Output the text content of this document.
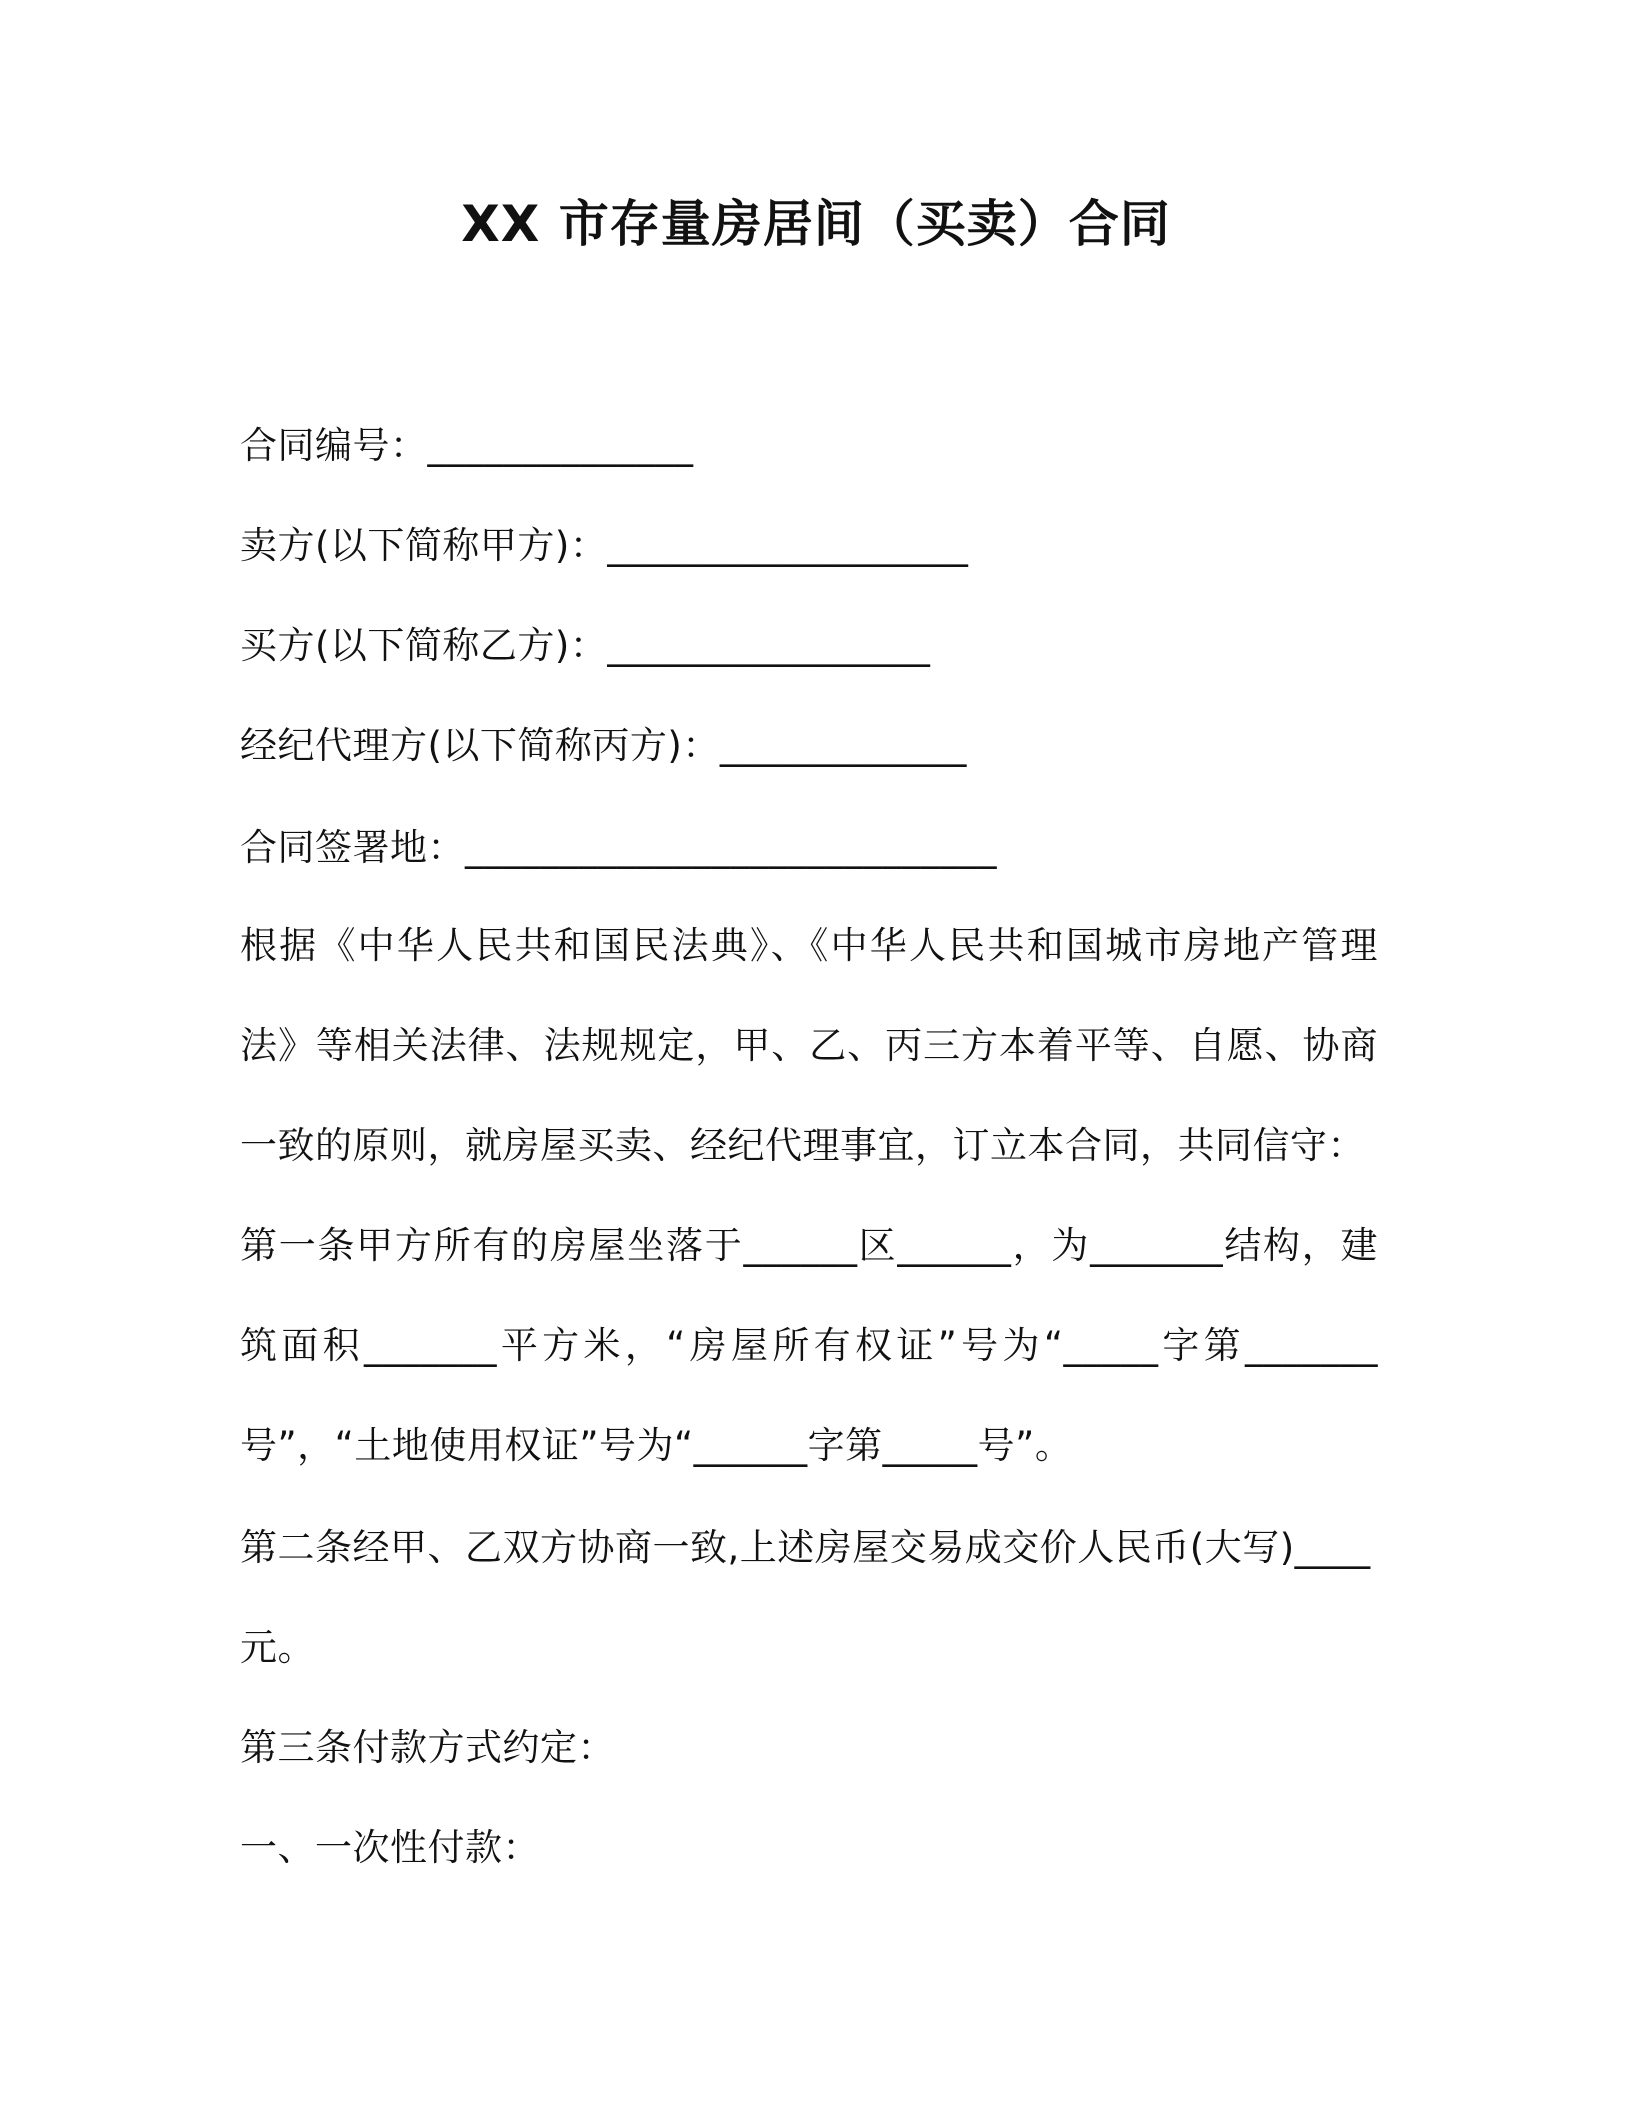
XX 市存量房居间（买卖）合同
合同编号：______________
卖方(以下简称甲方)：___________________
买方(以下简称乙方)：_________________
经纪代理方(以下简称丙方)：_____________
合同签署地：____________________________
根据《中华人民共和国民法典》、《中华人民共和国城市房地产管理
法》等相关法律、法规规定，甲、乙、丙三方本着平等、自愿、协商
一致的原则，就房屋买卖、经纪代理事宜，订立本合同，共同信守：
第一条甲方所有的房屋坐落于______区______，为_______结构，建
筑面积_______平方米，“房屋所有权证”号为“_____字第_______
号”，“土地使用权证”号为“______字第_____号”。
第二条经甲、乙双方协商一致,上述房屋交易成交价人民币(大写)____
元。
第三条付款方式约定：
一、一次性付款：
